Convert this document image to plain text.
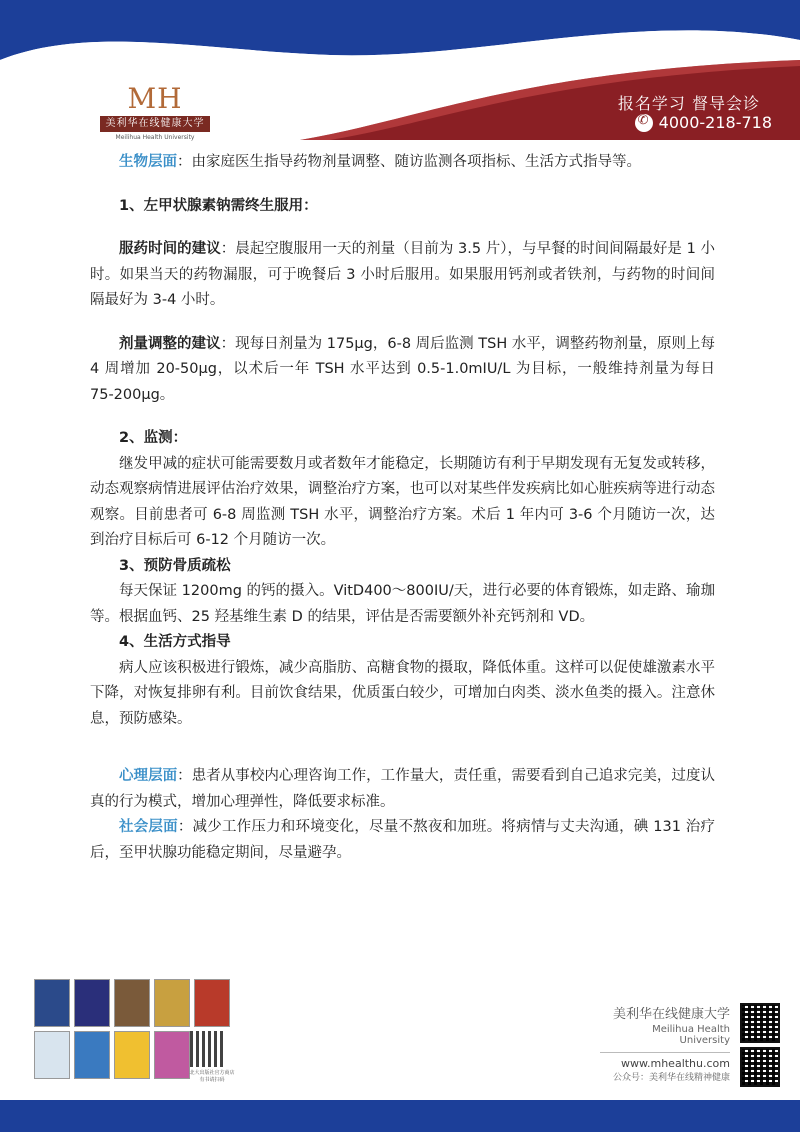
MH
美利华在线健康大学
Meilihua Health University
报名学习 督导会诊
✆
4000-218-718

生物层面：由家庭医生指导药物剂量调整、随访监测各项指标、生活方式指导等。

1、左甲状腺素钠需终生服用：

服药时间的建议：晨起空腹服用一天的剂量（目前为 3.5 片），与早餐的时间间隔最好是 1 小时。如果当天的药物漏服，可于晚餐后 3 小时后服用。如果服用钙剂或者铁剂，与药物的时间间隔最好为 3-4 小时。

剂量调整的建议：现每日剂量为 175μg，6-8 周后监测 TSH 水平，调整药物剂量，原则上每 4 周增加 20-50μg，以术后一年 TSH 水平达到 0.5-1.0mIU/L 为目标，一般维持剂量为每日 75-200μg。

2、监测：

继发甲减的症状可能需要数月或者数年才能稳定，长期随访有利于早期发现有无复发或转移，动态观察病情进展评估治疗效果，调整治疗方案，也可以对某些伴发疾病比如心脏疾病等进行动态观察。目前患者可 6-8 周监测 TSH 水平，调整治疗方案。术后 1 年内可 3-6 个月随访一次，达到治疗目标后可 6-12 个月随访一次。

3、预防骨质疏松

每天保证 1200mg 的钙的摄入。VitD400～800IU/天，进行必要的体育锻炼，如走路、瑜珈等。根据血钙、25 羟基维生素 D 的结果，评估是否需要额外补充钙剂和 VD。

4、生活方式指导

病人应该积极进行锻炼，减少高脂肪、高糖食物的摄取，降低体重。这样可以促使雄激素水平下降，对恢复排卵有利。目前饮食结果，优质蛋白较少，可增加白肉类、淡水鱼类的摄入。注意休息，预防感染。

心理层面：患者从事校内心理咨询工作，工作量大，责任重，需要看到自己追求完美，过度认真的行为模式，增加心理弹性，降低要求标准。

社会层面：减少工作压力和环境变化，尽量不熬夜和加班。将病情与丈夫沟通，碘 131 治疗后，至甲状腺功能稳定期间，尽量避孕。

北大出版社官方商店 有书请扫码
美利华在线健康大学
Meilihua Health University
www.mhealthu.com
公众号：美利华在线精神健康
